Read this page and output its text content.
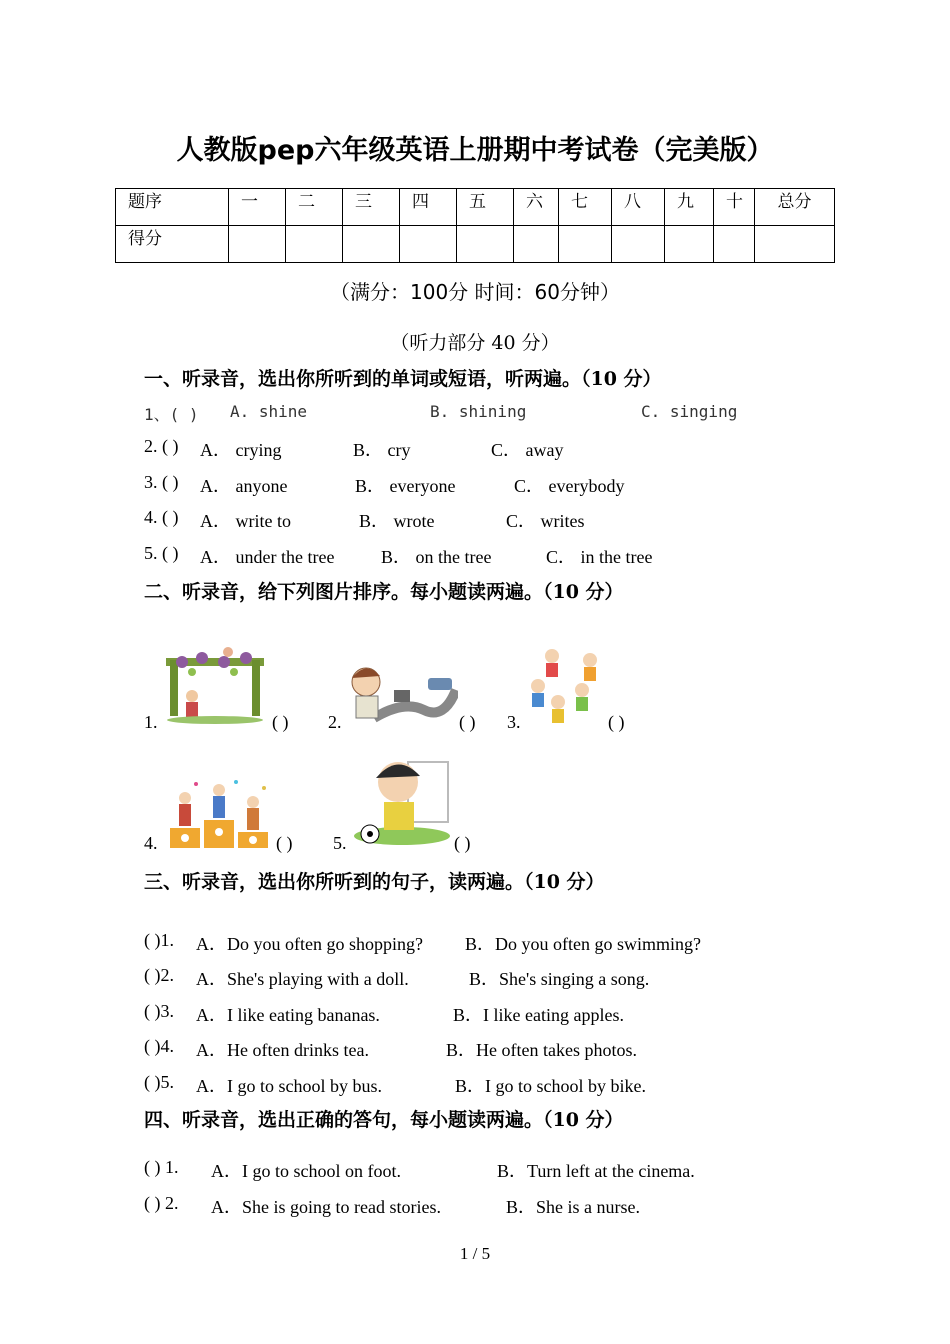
人教版pep六年级英语上册期中考试卷（完美版）
题序	一	二	三	四	五	六	七	八	九	十	总分
得分											
（满分：100分 时间：60分钟）
（听力部分 40 分）
一、听录音，选出你所听到的单词或短语，听两遍。（10 分）
1、( ) A. shine	B. shining	C. singing
2. ( ) A． crying	B． cry	C． away
3. ( ) A． anyone	B． everyone	C． everybody
4. ( ) A． write to	B． wrote	C． writes
5. ( ) A． under the tree	B． on the tree	C． in the tree
二、听录音，给下列图片排序。每小题读两遍。（10 分）
1.	( ) 2.	( ) 3.	( )
4.	( ) 5.	( )
三、听录音，选出你所听到的句子，读两遍。（10 分）
( )1. A．Do you often go shopping? B．Do you often go swimming?
( )2. A．She's playing with a doll.	B．She's singing a song.
( )3. A．I like eating bananas.	B．I like eating apples.
( )4. A．He often drinks tea.	B．He often takes photos.
( )5. A．I go to school by bus.	B．I go to school by bike.
四、听录音，选出正确的答句，每小题读两遍。（10 分）
( ) 1. A．I go to school on foot.	B．Turn left at the cinema.
( ) 2. A．She is going to read stories.	B．She is a nurse.
1 / 5
